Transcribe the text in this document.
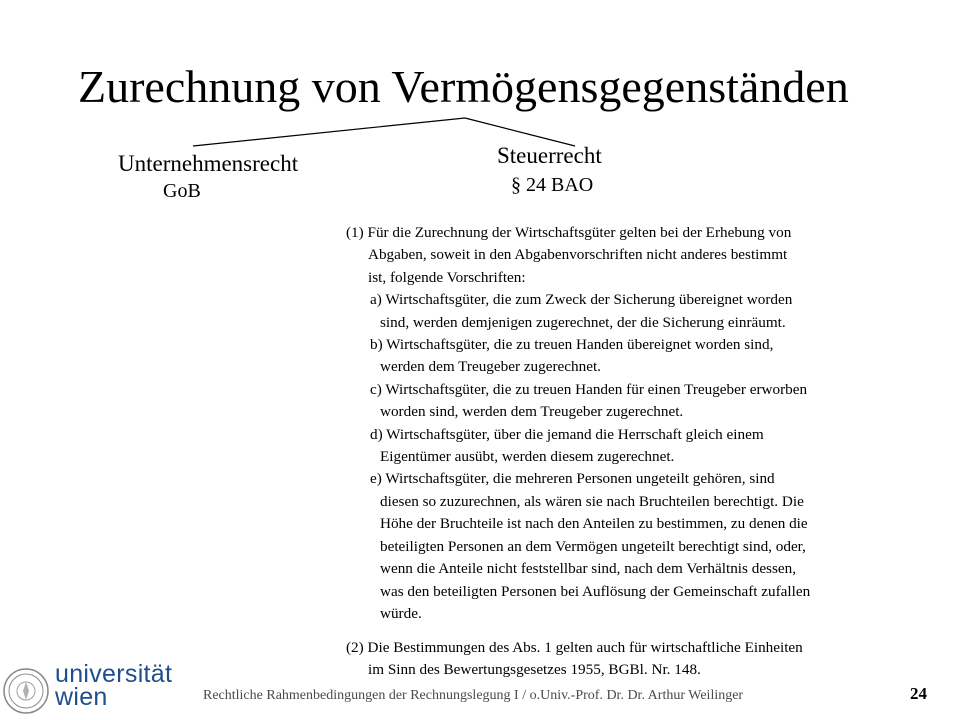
Zurechnung von Vermögensgegenständen
Unternehmensrecht
GoB
Steuerrecht
§ 24 BAO
(1) Für die Zurechnung der Wirtschaftsgüter gelten bei der Erhebung von
Abgaben, soweit in den Abgabenvorschriften nicht anderes bestimmt
ist, folgende Vorschriften:
a) Wirtschaftsgüter, die zum Zweck der Sicherung übereignet worden
sind, werden demjenigen zugerechnet, der die Sicherung einräumt.
b) Wirtschaftsgüter, die zu treuen Handen übereignet worden sind,
werden dem Treugeber zugerechnet.
c) Wirtschaftsgüter, die zu treuen Handen für einen Treugeber erworben
worden sind, werden dem Treugeber zugerechnet.
d) Wirtschaftsgüter, über die jemand die Herrschaft gleich einem
Eigentümer ausübt, werden diesem zugerechnet.
e) Wirtschaftsgüter, die mehreren Personen ungeteilt gehören, sind
diesen so zuzurechnen, als wären sie nach Bruchteilen berechtigt. Die
Höhe der Bruchteile ist nach den Anteilen zu bestimmen, zu denen die
beteiligten Personen an dem Vermögen ungeteilt berechtigt sind, oder,
wenn die Anteile nicht feststellbar sind, nach dem Verhältnis dessen,
was den beteiligten Personen bei Auflösung der Gemeinschaft zufallen
würde.
(2) Die Bestimmungen des Abs. 1 gelten auch für wirtschaftliche Einheiten
im Sinn des Bewertungsgesetzes 1955, BGBl. Nr. 148.
universität
wien	Rechtliche Rahmenbedingungen der Rechnungslegung I / o.Univ.-Prof. Dr. Dr. Arthur Weilinger	24
